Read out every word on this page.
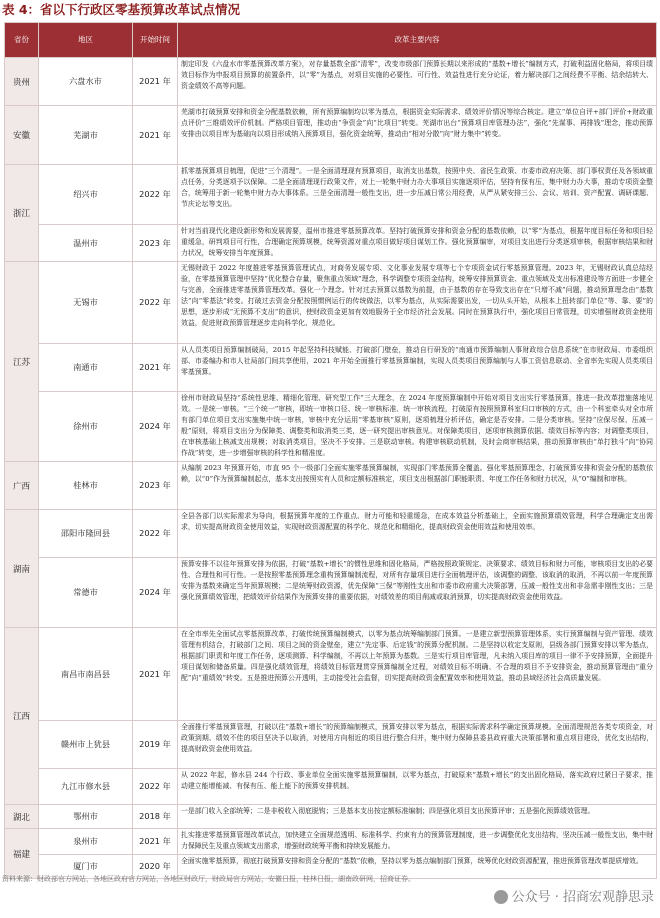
表 4：省以下行政区零基预算改革试点情况
省份	地区	开始时间	改革主要内容
贵州	六盘水市	2021 年	制定印发《六盘水市零基预算改革方案》，对存量基数全部“清零”，改变市级部门预算长期以来形成的“基数+增长”编制方式，打破利益固化格局，将项目绩效目标作为申报项目预算的前置条件，以“零”为基点，对项目实施的必要性、可行性、效益性进行充分论证，着力解决部门之间经费不平衡、结余结转大、资金绩效不高等问题。
安徽	芜湖市	2021 年	芜湖市打破预算安排和资金分配基数依赖，所有预算编制均以零为基点，根据资金实际需求、绩效评价情况等综合核定。建立“单位自评+部门评价+财政重点评价”三维绩效评价机制。严格项目管理，推动由“争资金”向“比项目”转变。芜湖市出台“预算项目库管理办法”，强化“先谋事、再排钱”理念，推动预算安排由以项目库为基础向以项目形成纳入预算项目，强化资金统筹，推动由“相对分散”向“财力集中”转变。
浙江	绍兴市	2022 年	抓零基预算项目梳理，促进“三个清理”。一是全面清理现有预算项目，取消支出基数，按照中央、省民生政策、市委市政府决策、部门事权责任及各领域重点任务，分类逐项予以保障。二是全面清理现行政策文件，对上一轮集中财力办大事项目实施逐项评估，坚持有保有压，集中财力办大事，推动专项资金整合，统筹用于新一轮集中财力办大事体系。三是全面清理一般性支出，进一步压减日常公用经费，从严从紧安排三公、会议、培训、资产配置、调研课题、节庆论坛等支出。
	温州市	2023 年	针对当前现代化建设新形势和发展需要，温州市推进零基预算改革。坚持打破预算安排和资金分配的基数依赖，以“零”为基点，根据年度目标任务和项目轻重缓急，研判项目可行性，合理确定预算规模，统筹资源对重点项目做好项目谋划工作。强化预算编审，对项目支出进行分类逐项审核，根据审核结果和财力状况，统筹安排当年度预算。
江苏	无锡市	2022 年	无锡财政于 2022 年度推进零基预算管理试点，对商务发展专项、文化事业发展专项等七个专项资金试行零基预算管理。2023 年，无锡财政认真总结经验，在零基预算管理中坚持“优化整合存量，聚焦重点领域”理念，科学调整专项资金结构，统筹安排预算资金、重点领域及支出标准建设等方面进一步健全与完善，全面推进零基预算管理改革。强化一个理念。针对过去预算以基数为前提，由于基数的存在导致支出存在“只增不减”问题，推动预算理念由“基数法”向“零基法”转变。打破过去资金分配按照惯例运行的传统做法，以零为基点，从实际需要出发，一切从头开始，从根本上扭转部门单位“等、靠、要”的思想，逐步形成“无预算不支出”的意识，使财政资金更加有效地服务于全市经济社会发展。同时在预算执行中，强化项目日常管理，切实增强财政资金使用效益，促进财政预算管理逐步走向科学化、规范化。
	南通市	2021 年	从人员类项目预算编制破局，2015 年起坚持科技赋能、打破部门壁垒，推动自行研发的“南通市预算编制人事财政综合信息系统”在市财政局、市委组织部、市委编办和市人社局部门间共享使用，2021 年开始全面推行零基预算编制，实现人员类项目预算编制与人事工资信息联动、全省率先实现人员类项目零基预算。
	徐州市	2024 年	徐州市财政局坚持“系统性思维、精细化管理、研究型工作”三大理念，在 2024 年度预算编制中开始对项目支出实行零基预算，推进一批改革措施落地见效。一是统一审核。“三个统一”审核，即统一审核口径、统一审核标准、统一审核流程，打破原有按照预算科室归口审核的方式，由一个科室牵头对全市所有部门单位项目支出实施集中统一审核，审核中充分运用“零基审核”原则，逐项梳理分析评估，确定是否安排。二是分类审核。坚持“应保尽保、压减一般”原则，将项目支出分为保障类、调整类和取消类三类，逐一研究提出审核意见。对保障类项目，逐项审核测算依据、绩效目标等内容；对调整类项目，在审核基础上核减支出规模；对取消类项目，坚决不予安排。三是联动审核。构建审核联动机制，及时会商审核结果，推动预算审核由“单打独斗”向“协同作战”转变，进一步增强审核的科学性和精准度。
广西	桂林市	2023 年	从编制 2023 年预算开始，市直 95 个一级部门全面实施零基预算编制，实现部门零基预算全覆盖。强化零基预算理念，打破预算安排和资金分配的基数依赖，以“0”作为预算编制起点，基本支出按照实有人员和定额标准核定，项目支出根据部门职能职责、年度工作任务和财力状况，从“0”编制和审核。
湖南	邵阳市隆回县	2022 年	全县各部门以实际需求为导向，根据预算年度的工作重点、财力可能和轻重缓急，在成本效益分析基础上，全面实施预算绩效管理，科学合理确定支出需求，切实提高财政资金使用效益，实现财政资源配置的科学化、规范化和精细化，提高财政资金使用效益和使用效率。
	常德市	2024 年	预算安排不以往年预算安排为依据，打破“基数+增长”的惯性思维和固化格局，严格按照政策规定、决策要求、绩效目标和财力可能，审核项目支出的必要性、合理性和可行性。一是按照零基预算理念重构预算编制流程，对所有存量项目进行全面梳理评估，该调整的调整、该取消的取消，不再以前一年度预算安排为基数来确定当年预算规模；二是统筹财政资源，优先保障“三保”等刚性支出和市委市政府重大决策部署，压减一般性支出和非急需非刚性支出；三是强化预算绩效管理，把绩效评价结果作为预算安排的重要依据，对绩效差的项目削减或取消预算，切实提高财政资金使用效益。
江西	南昌市南昌县	2021 年	在全市率先全面试点零基预算改革，打破传统预算编制模式，以零为基点统筹编制部门预算。一是建立新型预算管理体系，实行预算编制与资产管理、绩效管理有机结合，打破部门之间、项目之间的资金壁垒，建立“先定事、后定钱”的预算分配机制。二是坚持以收定支原则，县级各部门预算安排以零为基点，根据部门职责和年度工作任务，逐项测算、科学编制，不再以上年预算为基数。三是实行项目库管理，凡未纳入项目库的项目一律不予安排预算，全面提升项目谋划和储备质量。四是强化绩效管理，将绩效目标管理贯穿预算编制全过程，对绩效目标不明确、不合理的项目不予安排资金，推动预算管理由“重分配”向“重绩效”转变。五是推进预算公开透明，主动接受社会监督，切实提高财政资金配置效率和使用效益，推动县域经济社会高质量发展。
	赣州市上犹县	2019 年	全面推行零基预算管理，打破以往“基数+增长”的预算编制模式，预算安排以零为基点，根据实际需求科学确定预算规模。全面清理规范各类专项资金，对政策到期、绩效不佳的项目坚决予以取消，对使用方向相近的项目进行整合归并，集中财力保障县委县政府重大决策部署和重点项目建设，优化支出结构，提高财政资金使用效益。
	九江市修水县	2022 年	从 2022 年起，修水县 244 个行政、事业单位全面实施零基预算编制，以零为基点，打破原来“基数+增长”的支出固化格局，落实政府过紧日子要求，推动建立能增能减、有保有压、能上能下的预算安排机制。
湖北	鄂州市	2018 年	一是部门收入全部统筹；二是非税收入彻底脱钩；三是基本支出按定额标准编制；四是强化项目支出预算评审；五是强化预算绩效管理。
福建	泉州市	2021 年	扎实推进零基预算管理改革试点，加快建立全面规范透明、标准科学、约束有力的预算管理制度，进一步调整优化支出结构，坚决压减一般性支出，集中财力保障民生及重点领域支出需求，增强财政统筹平衡和持续发展能力。
	厦门市	2020 年	全面实施零基预算，彻底打破预算安排和资金分配的“基数”依赖，坚持以零为基点编制部门预算，统筹优化财政资源配置，推进预算管理改革提质增效。
资料来源：财政部官方网站，各地区政府官方网站，各地区财政厅，财政局官方网站，安徽日报，桂林日报，湖南政研网，招商证券。
公众号 · 招商宏观静思录
